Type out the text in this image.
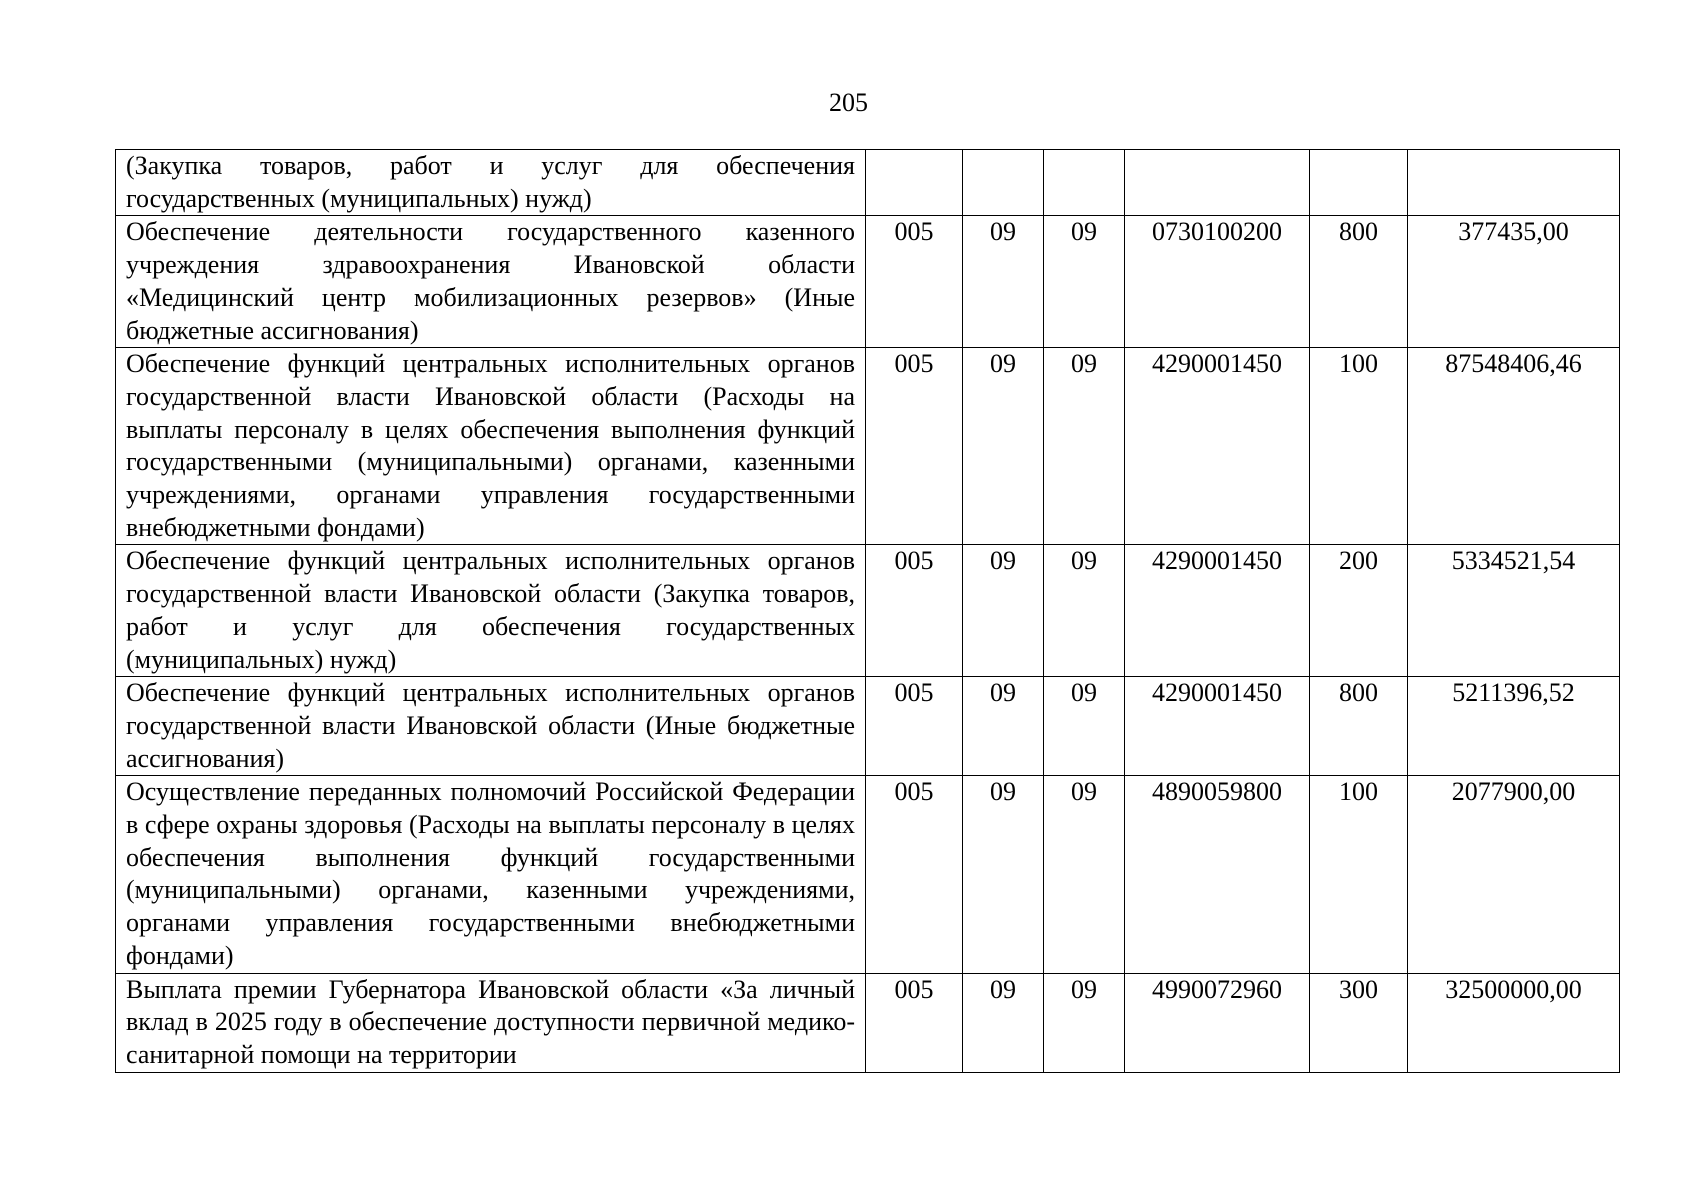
205
(Закупка товаров, работ и услуг для обеспечения государственных (муниципальных) нужд)						
Обеспечение деятельности государственного казенного учреждения здравоохранения Ивановской области «Медицинский центр мобилизационных резервов» (Иные бюджетные ассигнования)	005	09	09	0730100200	800	377435,00
Обеспечение функций центральных исполнительных органов государственной власти Ивановской области (Расходы на выплаты персоналу в целях обеспечения выполнения функций государственными (муниципальными) органами, казенными учреждениями, органами управления государственными внебюджетными фондами)	005	09	09	4290001450	100	87548406,46
Обеспечение функций центральных исполнительных органов государственной власти Ивановской области (Закупка товаров, работ и услуг для обеспечения государственных (муниципальных) нужд)	005	09	09	4290001450	200	5334521,54
Обеспечение функций центральных исполнительных органов государственной власти Ивановской области (Иные бюджетные ассигнования)	005	09	09	4290001450	800	5211396,52
Осуществление переданных полномочий Российской Федерации в сфере охраны здоровья (Расходы на выплаты персоналу в целях обеспечения выполнения функций государственными (муниципальными) органами, казенными учреждениями, органами управления государственными внебюджетными фондами)	005	09	09	4890059800	100	2077900,00
Выплата премии Губернатора Ивановской области «За личный вклад в 2025 году в обеспечение доступности первичной медико-санитарной помощи на территории	005	09	09	4990072960	300	32500000,00
